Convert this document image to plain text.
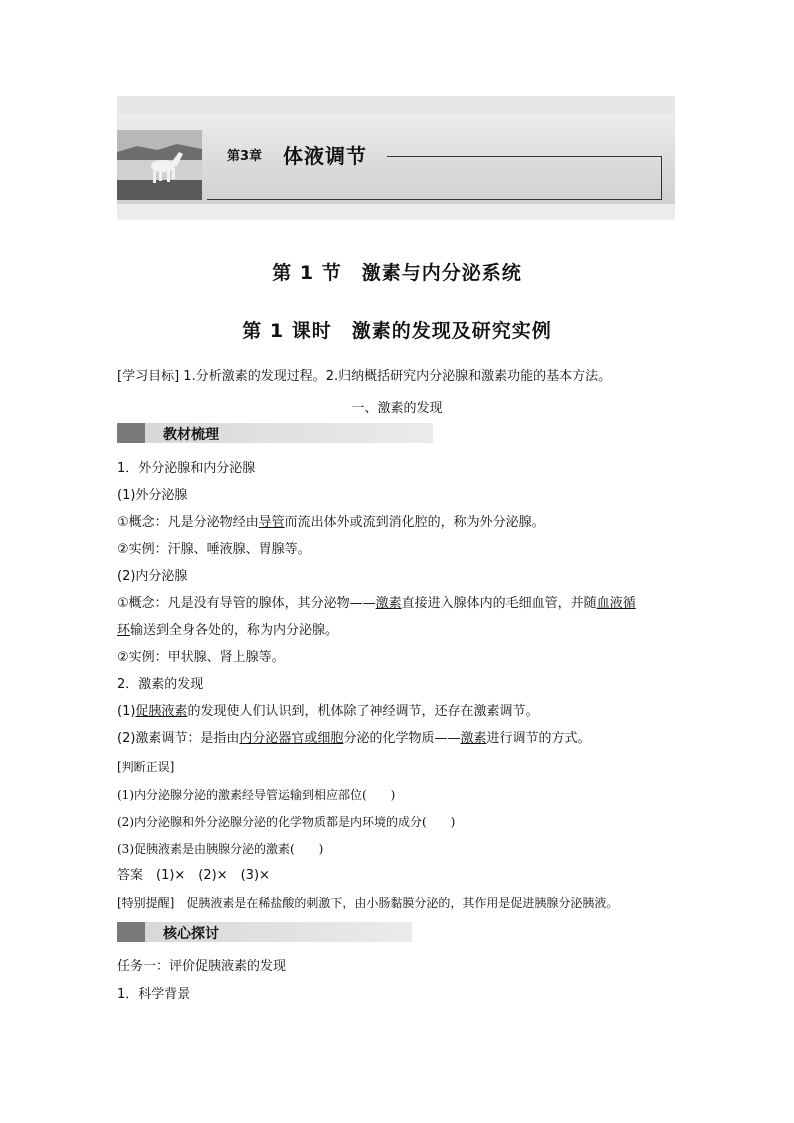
第3章 体液调节
第 1 节　激素与内分泌系统
第 1 课时　激素的发现及研究实例
[学习目标] 1.分析激素的发现过程。2.归纳概括研究内分泌腺和激素功能的基本方法。
一、激素的发现
教材梳理
1．外分泌腺和内分泌腺
(1)外分泌腺
①概念：凡是分泌物经由导管而流出体外或流到消化腔的，称为外分泌腺。
②实例：汗腺、唾液腺、胃腺等。
(2)内分泌腺
①概念：凡是没有导管的腺体，其分泌物——激素直接进入腺体内的毛细血管，并随血液循
环输送到全身各处的，称为内分泌腺。
②实例：甲状腺、肾上腺等。
2．激素的发现
(1)促胰液素的发现使人们认识到，机体除了神经调节，还存在激素调节。
(2)激素调节：是指由内分泌器官或细胞分泌的化学物质——激素进行调节的方式。
[判断正误]
(1)内分泌腺分泌的激素经导管运输到相应部位(　　)
(2)内分泌腺和外分泌腺分泌的化学物质都是内环境的成分(　　)
(3)促胰液素是由胰腺分泌的激素(　　)
答案　(1)×　(2)×　(3)×
[特别提醒]　促胰液素是在稀盐酸的刺激下，由小肠黏膜分泌的，其作用是促进胰腺分泌胰液。
核心探讨
任务一：评价促胰液素的发现
1．科学背景
